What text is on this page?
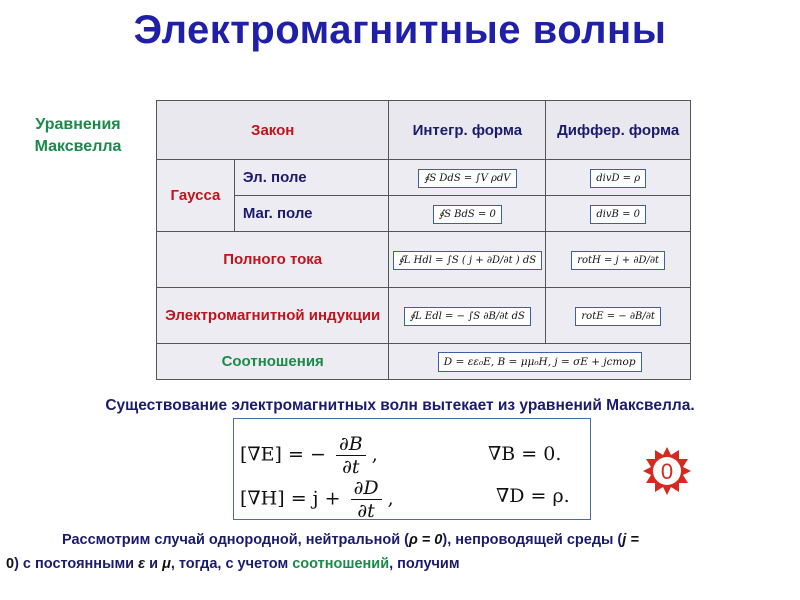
Электромагнитные волны
Уравнения Максвелла
Закон		Интегр. форма	Диффер. форма
Гаусса	Эл. поле	∮S DdS = ∫V ρdV	divD = ρ
	Маг. поле	∮S BdS = 0	divB = 0
Полного тока		∮L Hdl = ∫S ( j + ∂D/∂t ) dS	rotH = j + ∂D/∂t
Электромагнитной индукции		∮L Edl = − ∫S ∂B/∂t dS	rotE = − ∂B/∂t
Соотношения		D = εε₀E, B = μμ₀H, j = σE + jстор	
Существование электромагнитных волн вытекает из уравнений Максвелла.
[∇E] = − $\frac{\partial B}{\partial t}$ ,	∇B = 0.
$[\nabla H] = j + \frac{\partial D}{\partial t}$ ,	∇D = ρ.
0
Рассмотрим случай однородной, нейтральной (ρ = 0), непроводящей среды (j =
0) с постоянными ε и μ, тогда, с учетом соотношений, получим
